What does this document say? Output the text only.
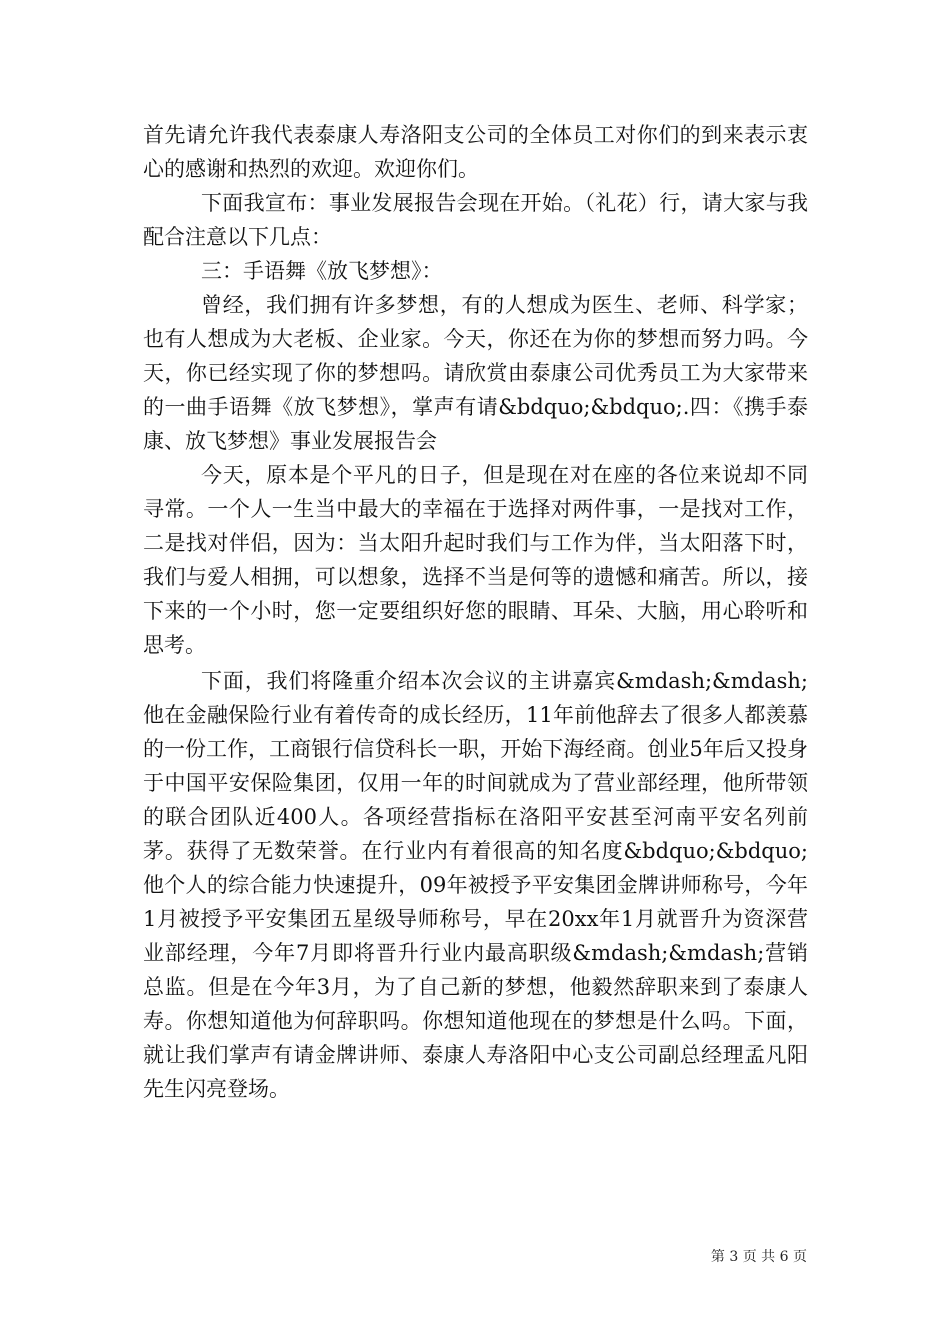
首先请允许我代表泰康人寿洛阳支公司的全体员工对你们的到来表示衷心的感谢和热烈的欢迎。欢迎你们。

下面我宣布：事业发展报告会现在开始。（礼花）行，请大家与我配合注意以下几点：

三：手语舞《放飞梦想》：

曾经，我们拥有许多梦想，有的人想成为医生、老师、科学家；也有人想成为大老板、企业家。今天，你还在为你的梦想而努力吗。今天，你已经实现了你的梦想吗。请欣赏由泰康公司优秀员工为大家带来的一曲手语舞《放飞梦想》，掌声有请&bdquo;&bdquo;.四：《携手泰康、放飞梦想》事业发展报告会

今天，原本是个平凡的日子，但是现在对在座的各位来说却不同寻常。一个人一生当中最大的幸福在于选择对两件事，一是找对工作，二是找对伴侣，因为：当太阳升起时我们与工作为伴，当太阳落下时，我们与爱人相拥，可以想象，选择不当是何等的遗憾和痛苦。所以，接下来的一个小时，您一定要组织好您的眼睛、耳朵、大脑，用心聆听和思考。

下面，我们将隆重介绍本次会议的主讲嘉宾&mdash;&mdash;他在金融保险行业有着传奇的成长经历，11年前他辞去了很多人都羡慕的一份工作，工商银行信贷科长一职，开始下海经商。创业5年后又投身于中国平安保险集团，仅用一年的时间就成为了营业部经理，他所带领的联合团队近400人。各项经营指标在洛阳平安甚至河南平安名列前茅。获得了无数荣誉。在行业内有着很高的知名度&bdquo;&bdquo;他个人的综合能力快速提升，09年被授予平安集团金牌讲师称号，今年1月被授予平安集团五星级导师称号，早在20xx年1月就晋升为资深营业部经理，今年7月即将晋升行业内最高职级&mdash;&mdash;营销总监。但是在今年3月，为了自己新的梦想，他毅然辞职来到了泰康人寿。你想知道他为何辞职吗。你想知道他现在的梦想是什么吗。下面，就让我们掌声有请金牌讲师、泰康人寿洛阳中心支公司副总经理孟凡阳先生闪亮登场。

第 3 页 共 6 页
